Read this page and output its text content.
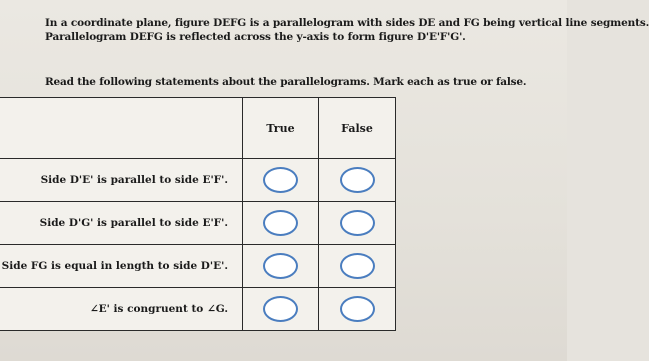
In a coordinate plane, figure DEFG is a parallelogram with sides DE and FG being vertical line segments.
Parallelogram DEFG is reflected across the y-axis to form figure D'E'F'G'.

Read the following statements about the parallelograms. Mark each as true or false.

	True	False
Side D'E' is parallel to side E'F'.		
Side D'G' is parallel to side E'F'.		
Side FG is equal in length to side D'E'.		
∠E' is congruent to ∠G.		
